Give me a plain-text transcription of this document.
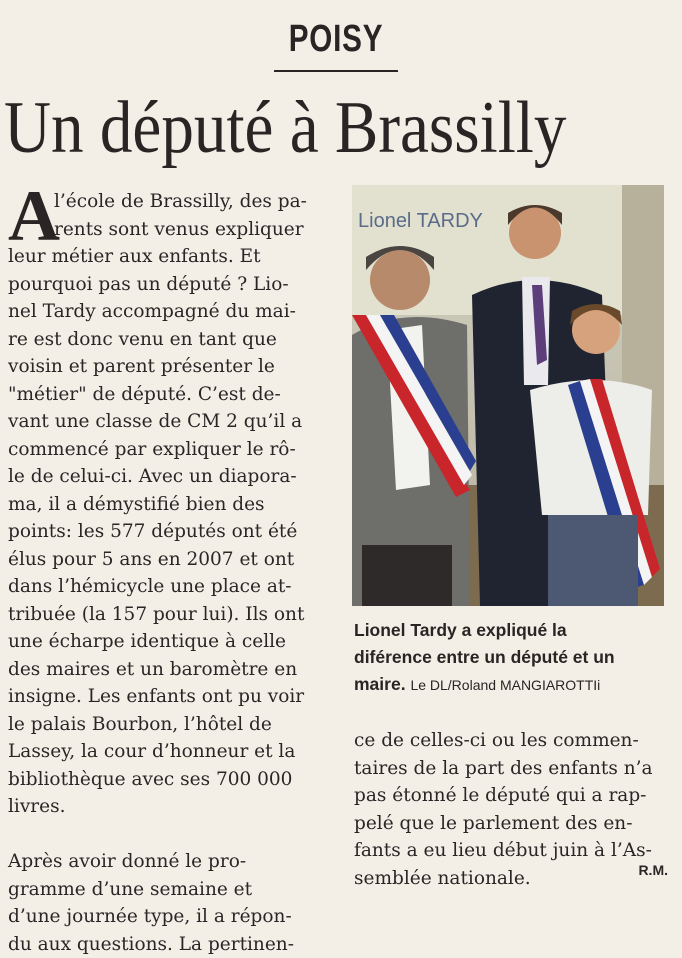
POISY
Un député à Brassilly
A
l’école de Brassilly, des pa-
rents sont venus expliquer
leur métier aux enfants. Et
pourquoi pas un député ? Lio-
nel Tardy accompagné du mai-
re est donc venu en tant que
voisin et parent présenter le
"métier" de député. C’est de-
vant une classe de CM 2 qu’il a
commencé par expliquer le rô-
le de celui-ci. Avec un diapora-
ma, il a démystifié bien des
points: les 577 députés ont été
élus pour 5 ans en 2007 et ont
dans l’hémicycle une place at-
tribuée (la 157 pour lui). Ils ont
une écharpe identique à celle
des maires et un baromètre en
insigne. Les enfants ont pu voir
le palais Bourbon, l’hôtel de
Lassey, la cour d’honneur et la
bibliothèque avec ses 700 000
livres.
Après avoir donné le pro-
gramme d’une semaine et
d’une journée type, il a répon-
du aux questions. La pertinen-
Lionel TARDY
Lionel Tardy a expliqué la
diférence entre un député et un
maire. Le DL/Roland MANGIAROTTIi
ce de celles-ci ou les commen-
taires de la part des enfants n’a
pas étonné le député qui a rap-
pelé que le parlement des en-
fants a eu lieu début juin à l’As-
semblée nationale.	R.M.
